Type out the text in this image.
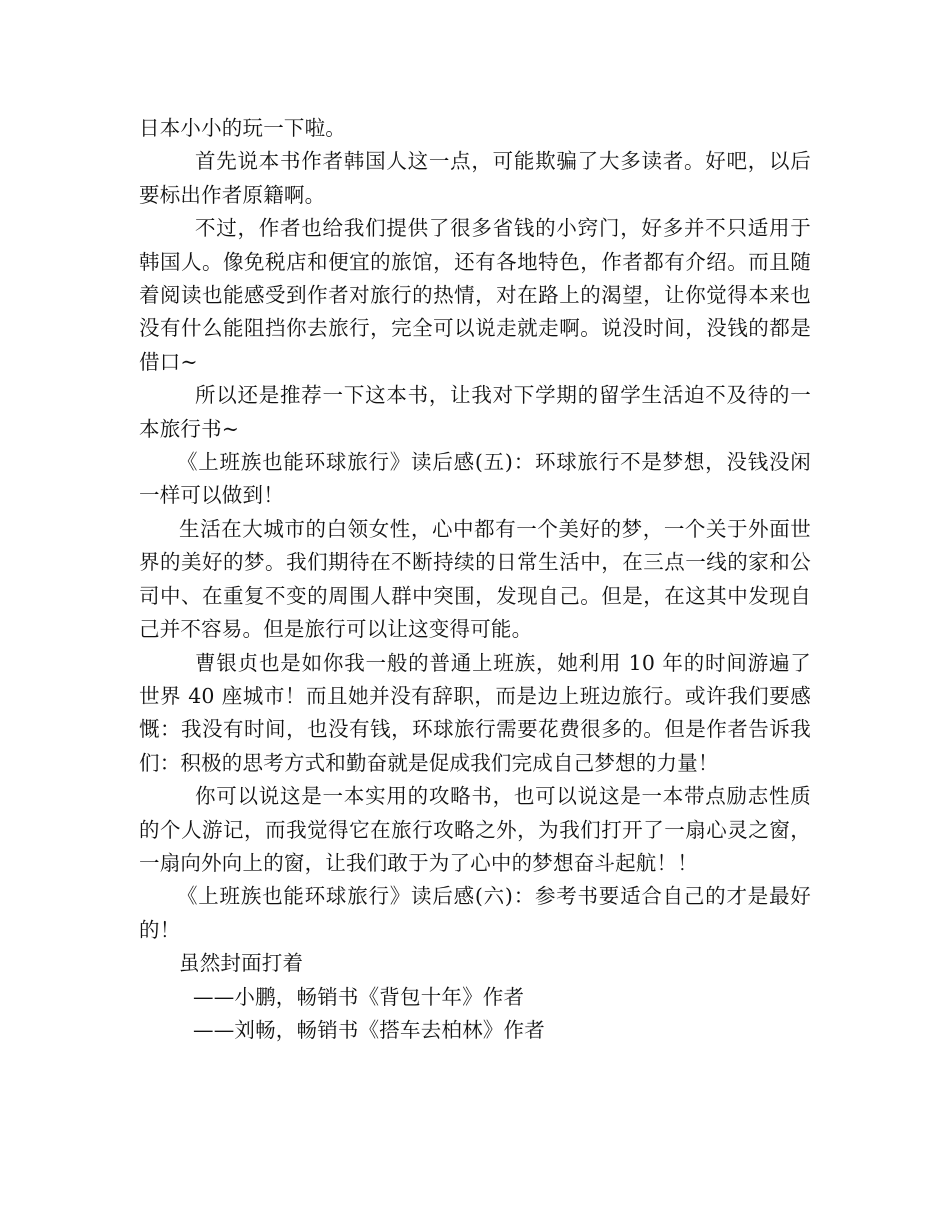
日本小小的玩一下啦。

首先说本书作者韩国人这一点，可能欺骗了大多读者。好吧，以后要标出作者原籍啊。

不过，作者也给我们提供了很多省钱的小窍门，好多并不只适用于韩国人。像免税店和便宜的旅馆，还有各地特色，作者都有介绍。而且随着阅读也能感受到作者对旅行的热情，对在路上的渴望，让你觉得本来也没有什么能阻挡你去旅行，完全可以说走就走啊。说没时间，没钱的都是借口~

所以还是推荐一下这本书，让我对下学期的留学生活迫不及待的一本旅行书~

《上班族也能环球旅行》读后感(五)：环球旅行不是梦想，没钱没闲一样可以做到！

生活在大城市的白领女性，心中都有一个美好的梦，一个关于外面世界的美好的梦。我们期待在不断持续的日常生活中，在三点一线的家和公司中、在重复不变的周围人群中突围，发现自己。但是，在这其中发现自己并不容易。但是旅行可以让这变得可能。

曹银贞也是如你我一般的普通上班族，她利用 10 年的时间游遍了世界 40 座城市！而且她并没有辞职，而是边上班边旅行。或许我们要感慨：我没有时间，也没有钱，环球旅行需要花费很多的。但是作者告诉我们：积极的思考方式和勤奋就是促成我们完成自己梦想的力量！

你可以说这是一本实用的攻略书，也可以说这是一本带点励志性质的个人游记，而我觉得它在旅行攻略之外，为我们打开了一扇心灵之窗，一扇向外向上的窗，让我们敢于为了心中的梦想奋斗起航！！

《上班族也能环球旅行》读后感(六)：参考书要适合自己的才是最好的！

虽然封面打着

——小鹏，畅销书《背包十年》作者

——刘畅，畅销书《搭车去柏林》作者
